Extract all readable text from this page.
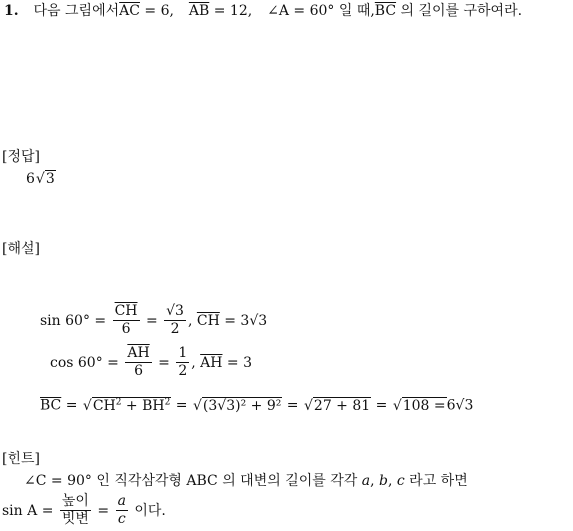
1. 다음 그림에서$\overline{AC} = 6$, $\overline{AB} = 12$, ∠A = 60° 일 때$,\overline{BC}$ 의 길이를 구하여라.
[정답]
6√3
[해설]
$\sin 60^\circ = \frac{\overline{CH}}{6} = \frac{√3}{2}$ , $\overline{CH} = 3√3$
$\cos 60^\circ = \frac{\overline{AH}}{6} = \frac{1}{2}$ , $\overline{AH} = 3$
$\overline{BC} = √CH^2 + \overline{BH}^2 = √(3√3)^2 + 9^2 = √27 + 81 = √108 =6√3$
[힌트]
∠C = 90° 인 직각삼각형 ABC 의 대변의 길이를 각각 a, b, c 라고 하면
$\sin A = \frac{\text{높이}}{\text{빗변}} = \frac{a}{c}$ 이다.
